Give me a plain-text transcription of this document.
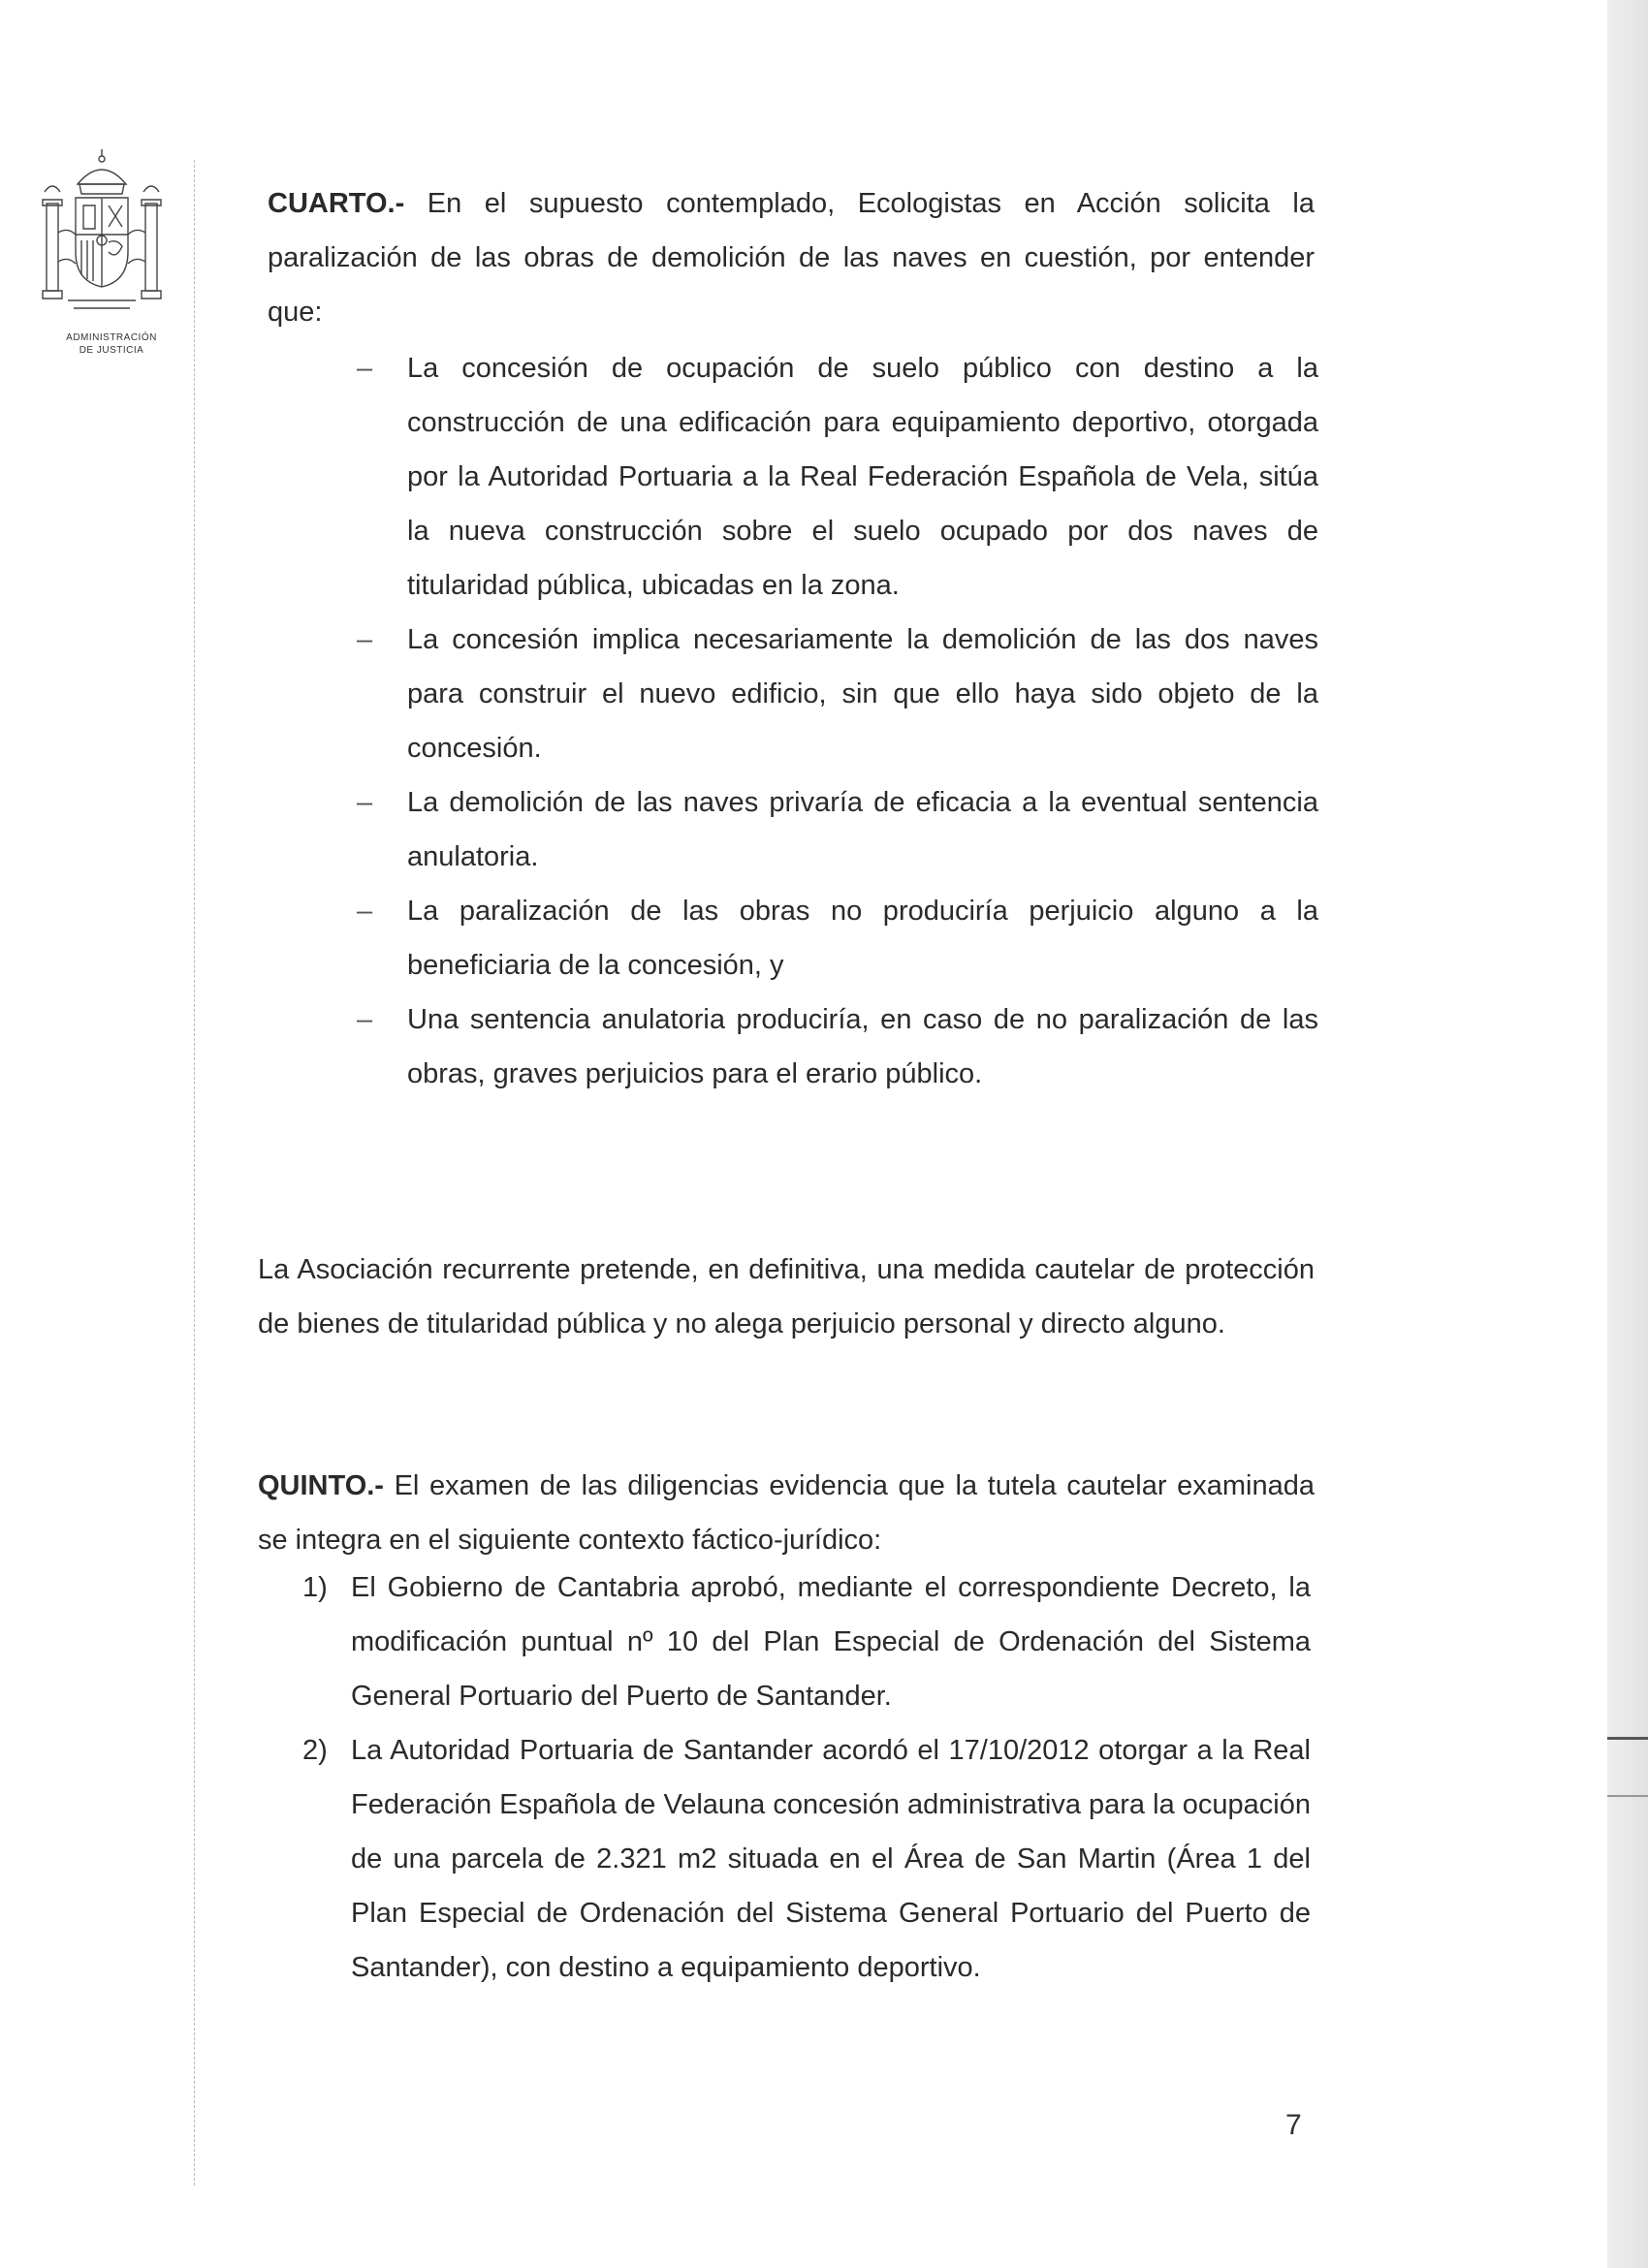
ADMINISTRACIÓN
DE JUSTICIA

CUARTO.- En el supuesto contemplado, Ecologistas en Acción solicita la paralización de las obras de demolición de las naves en cuestión, por entender que:

– La concesión de ocupación de suelo público con destino a la construcción de una edificación para equipamiento deportivo, otorgada por la Autoridad Portuaria a la Real Federación Española de Vela, sitúa la nueva construcción sobre el suelo ocupado por dos naves de titularidad pública, ubicadas en la zona.
– La concesión implica necesariamente la demolición de las dos naves para construir el nuevo edificio, sin que ello haya sido objeto de la concesión.
– La demolición de las naves privaría de eficacia a la eventual sentencia anulatoria.
– La paralización de las obras no produciría perjuicio alguno a la beneficiaria de la concesión, y
– Una sentencia anulatoria produciría, en caso de no paralización de las obras, graves perjuicios para el erario público.

La Asociación recurrente pretende, en definitiva, una medida cautelar de protección de bienes de titularidad pública y no alega perjuicio personal y directo alguno.

QUINTO.- El examen de las diligencias evidencia que la tutela cautelar examinada se integra en el siguiente contexto fáctico-jurídico:

1) El Gobierno de Cantabria aprobó, mediante el correspondiente Decreto, la modificación puntual nº 10 del Plan Especial de Ordenación del Sistema General Portuario del Puerto de Santander.
2) La Autoridad Portuaria de Santander acordó el 17/10/2012 otorgar a la Real Federación Española de Velauna concesión administrativa para la ocupación de una parcela de 2.321 m2 situada en el Área de San Martin (Área 1 del Plan Especial de Ordenación del Sistema General Portuario del Puerto de Santander), con destino a equipamiento deportivo.
7
